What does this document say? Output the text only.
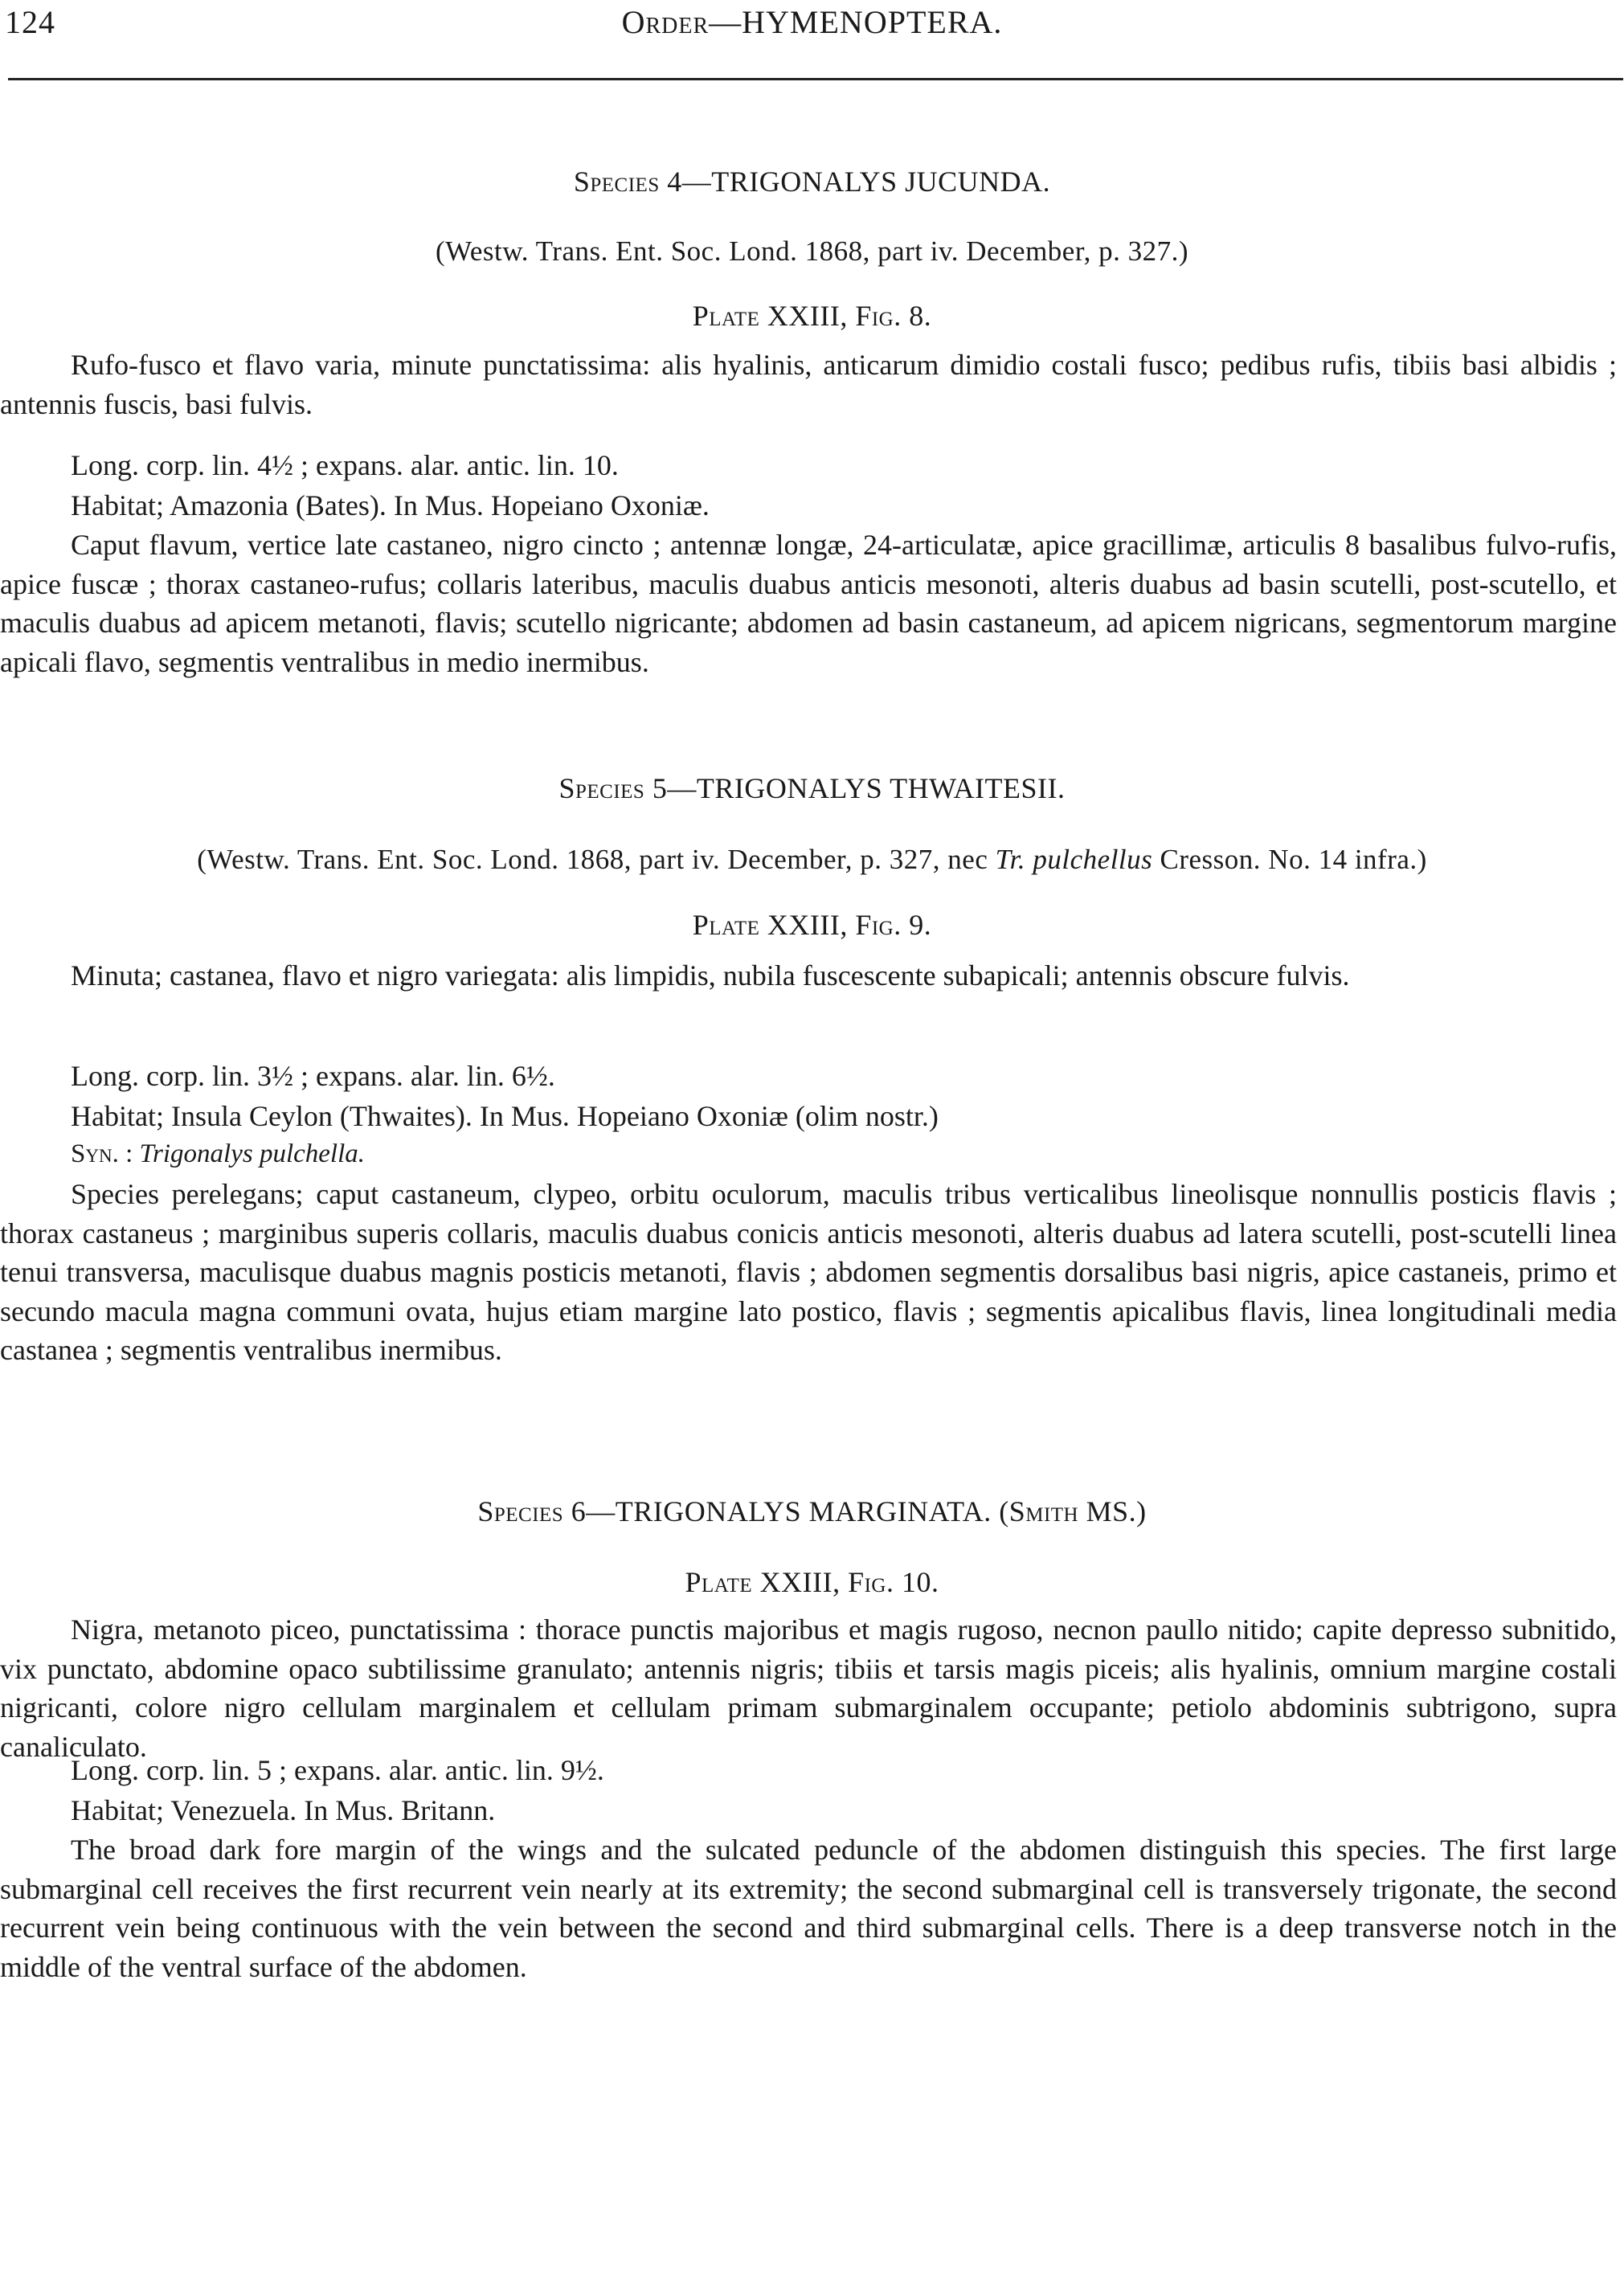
124	Order—HYMENOPTERA.
Species 4—TRIGONALYS JUCUNDA.
(Westw. Trans. Ent. Soc. Lond. 1868, part iv. December, p. 327.)
Plate XXIII, Fig. 8.

Rufo-fusco et flavo varia, minute punctatissima: alis hyalinis, anticarum dimidio costali fusco; pedibus rufis, tibiis basi albidis ; antennis fuscis, basi fulvis.

Long. corp. lin. 4½ ; expans. alar. antic. lin. 10.
Habitat; Amazonia (Bates). In Mus. Hopeiano Oxoniæ.

Caput flavum, vertice late castaneo, nigro cincto ; antennæ longæ, 24-articulatæ, apice gracillimæ, articulis 8 basalibus fulvo-rufis, apice fuscæ ; thorax castaneo-rufus; collaris lateribus, maculis duabus anticis mesonoti, alteris duabus ad basin scutelli, post-scutello, et maculis duabus ad apicem metanoti, flavis; scutello nigricante; abdomen ad basin castaneum, ad apicem nigricans, segmentorum margine apicali flavo, segmentis ventralibus in medio inermibus.

Species 5—TRIGONALYS THWAITESII.
(Westw. Trans. Ent. Soc. Lond. 1868, part iv. December, p. 327, nec Tr. pulchellus Cresson. No. 14 infra.)
Plate XXIII, Fig. 9.

Minuta; castanea, flavo et nigro variegata: alis limpidis, nubila fuscescente subapicali; antennis obscure fulvis.

Long. corp. lin. 3½ ; expans. alar. lin. 6½.
Habitat; Insula Ceylon (Thwaites). In Mus. Hopeiano Oxoniæ (olim nostr.)
Syn. : Trigonalys pulchella.

Species perelegans; caput castaneum, clypeo, orbitu oculorum, maculis tribus verticalibus lineolisque nonnullis posticis flavis ; thorax castaneus ; marginibus superis collaris, maculis duabus conicis anticis mesonoti, alteris duabus ad latera scutelli, post-scutelli linea tenui transversa, maculisque duabus magnis posticis metanoti, flavis ; abdomen segmentis dorsalibus basi nigris, apice castaneis, primo et secundo macula magna communi ovata, hujus etiam margine lato postico, flavis ; segmentis apicalibus flavis, linea longitudinali media castanea ; segmentis ventralibus inermibus.

Species 6—TRIGONALYS MARGINATA. (Smith MS.)
Plate XXIII, Fig. 10.

Nigra, metanoto piceo, punctatissima : thorace punctis majoribus et magis rugoso, necnon paullo nitido; capite depresso subnitido, vix punctato, abdomine opaco subtilissime granulato; antennis nigris; tibiis et tarsis magis piceis; alis hyalinis, omnium margine costali nigricanti, colore nigro cellulam marginalem et cellulam primam submarginalem occupante; petiolo abdominis subtrigono, supra canaliculato.

Long. corp. lin. 5 ; expans. alar. antic. lin. 9½.
Habitat; Venezuela. In Mus. Britann.

The broad dark fore margin of the wings and the sulcated peduncle of the abdomen distinguish this species. The first large submarginal cell receives the first recurrent vein nearly at its extremity; the second submarginal cell is transversely trigonate, the second recurrent vein being continuous with the vein between the second and third submarginal cells. There is a deep transverse notch in the middle of the ventral surface of the abdomen.
